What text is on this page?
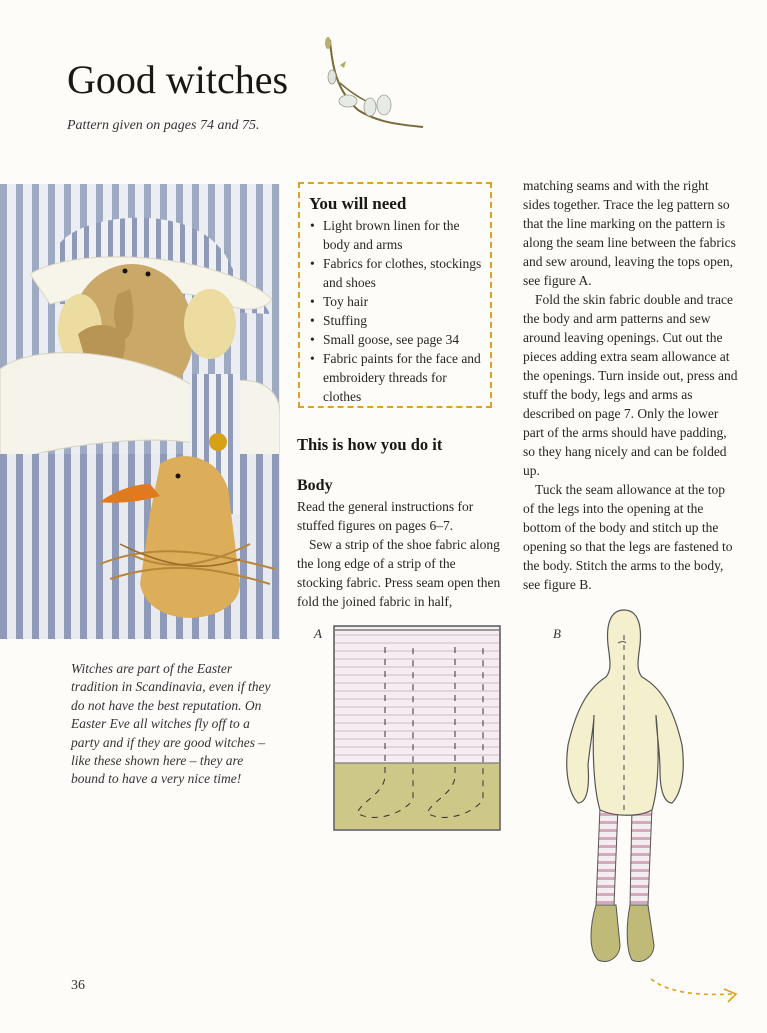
Good witches
Pattern given on pages 74 and 75.
Witches are part of the Easter tradition in Scandinavia, even if they do not have the best reputation. On Easter Eve all witches fly off to a party and if they are good witches – like these shown here – they are bound to have a very nice time!
You will need
• Light brown linen for the body and arms
• Fabrics for clothes, stockings and shoes
• Toy hair
• Stuffing
• Small goose, see page 34
• Fabric paints for the face and embroidery threads for clothes
This is how you do it
Body

Read the general instructions for stuffed figures on pages 6–7.

Sew a strip of the shoe fabric along the long edge of a strip of the stocking fabric. Press seam open then fold the joined fabric in half,

matching seams and with the right sides together. Trace the leg pattern so that the line marking on the pattern is along the seam line between the fabrics and sew around, leaving the tops open, see figure A.

Fold the skin fabric double and trace the body and arm patterns and sew around leaving openings. Cut out the pieces adding extra seam allowance at the openings. Turn inside out, press and stuff the body, legs and arms as described on page 7. Only the lower part of the arms should have padding, so they hang nicely and can be folded up.

Tuck the seam allowance at the top of the legs into the opening at the bottom of the body and stitch up the opening so that the legs are fastened to the body. Stitch the arms to the body, see figure B.

A	B
36
